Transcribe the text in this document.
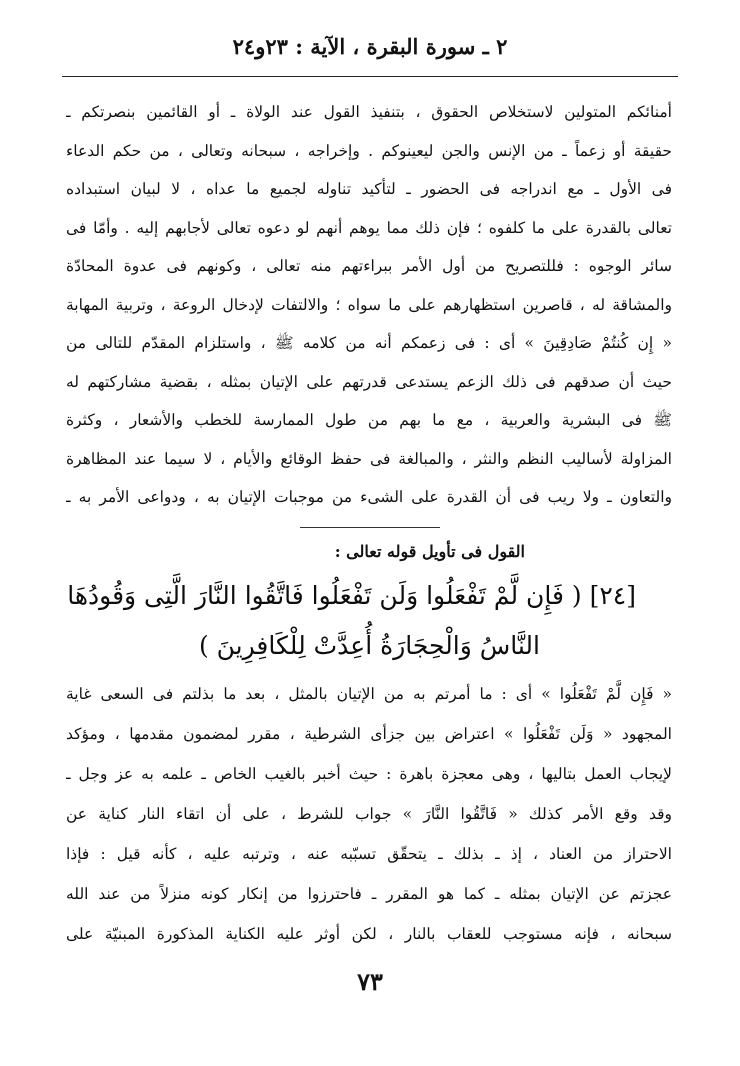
٢ ـ سورة البقرة ، الآية : ٢٣و٢٤
أمنائكم المتولين لاستخلاص الحقوق ، بتنفيذ القول عند الولاة ـ أو القائمين بنصرتكم ـ
حقيقة أو زعماً ـ من الإنس والجن ليعينوكم . وإخراجه ، سبحانه وتعالى ، من حكم الدعاء
فى الأول ـ مع اندراجه فى الحضور ـ لتأكيد تناوله لجميع ما عداه ، لا لبيان استبداده
تعالى بالقدرة على ما كلفوه ؛ فإن ذلك مما يوهم أنهم لو دعوه تعالى لأجابهم إليه . وأمّا فى
سائر الوجوه : فللتصريح من أول الأمر ببراءتهم منه تعالى ، وكونهم فى عدوة المحادّة
والمشاقة له ، قاصرين استظهارهم على ما سواه ؛ والالتفات لإدخال الروعة ، وتربية المهابة
« إِن كُنتُمْ صَادِقِينَ » أى : فى زعمكم أنه من كلامه ﷺ ، واستلزام المقدّم للتالى من
حيث أن صدقهم فى ذلك الزعم يستدعى قدرتهم على الإتيان بمثله ، بقضية مشاركتهم له
ﷺ فى البشرية والعربية ، مع ما بهم من طول الممارسة للخطب والأشعار ، وكثرة
المزاولة لأساليب النظم والنثر ، والمبالغة فى حفظ الوقائع والأيام ، لا سيما عند المظاهرة
والتعاون ـ ولا ريب فى أن القدرة على الشىء من موجبات الإتيان به ، ودواعى الأمر به ـ
القول فى تأويل قوله تعالى :
[٢٤] ( فَإِن لَّمْ تَفْعَلُوا وَلَن تَفْعَلُوا فَاتَّقُوا النَّارَ الَّتِى وَقُودُهَا
النَّاسُ وَالْحِجَارَةُ أُعِدَّتْ لِلْكَافِرِينَ )
« فَإِن لَّمْ تَفْعَلُوا » أى : ما أمرتم به من الإتيان بالمثل ، بعد ما بذلتم فى السعى غاية
المجهود « وَلَن تَفْعَلُوا » اعتراض بين جزأى الشرطية ، مقرر لمضمون مقدمها ، ومؤكد
لإيجاب العمل بتاليها ، وهى معجزة باهرة : حيث أخبر بالغيب الخاص ـ علمه به عز وجل ـ
وقد وقع الأمر كذلك « فَاتَّقُوا النَّارَ » جواب للشرط ، على أن اتقاء النار كناية عن
الاحتراز من العناد ، إذ ـ بذلك ـ يتحقّق تسبّبه عنه ، وترتبه عليه ، كأنه قيل : فإذا
عجزتم عن الإتيان بمثله ـ كما هو المقرر ـ فاحترزوا من إنكار كونه منزلاً من عند الله
سبحانه ، فإنه مستوجب للعقاب بالنار ، لكن أوثر عليه الكناية المذكورة المبنيّة على
٧٣
